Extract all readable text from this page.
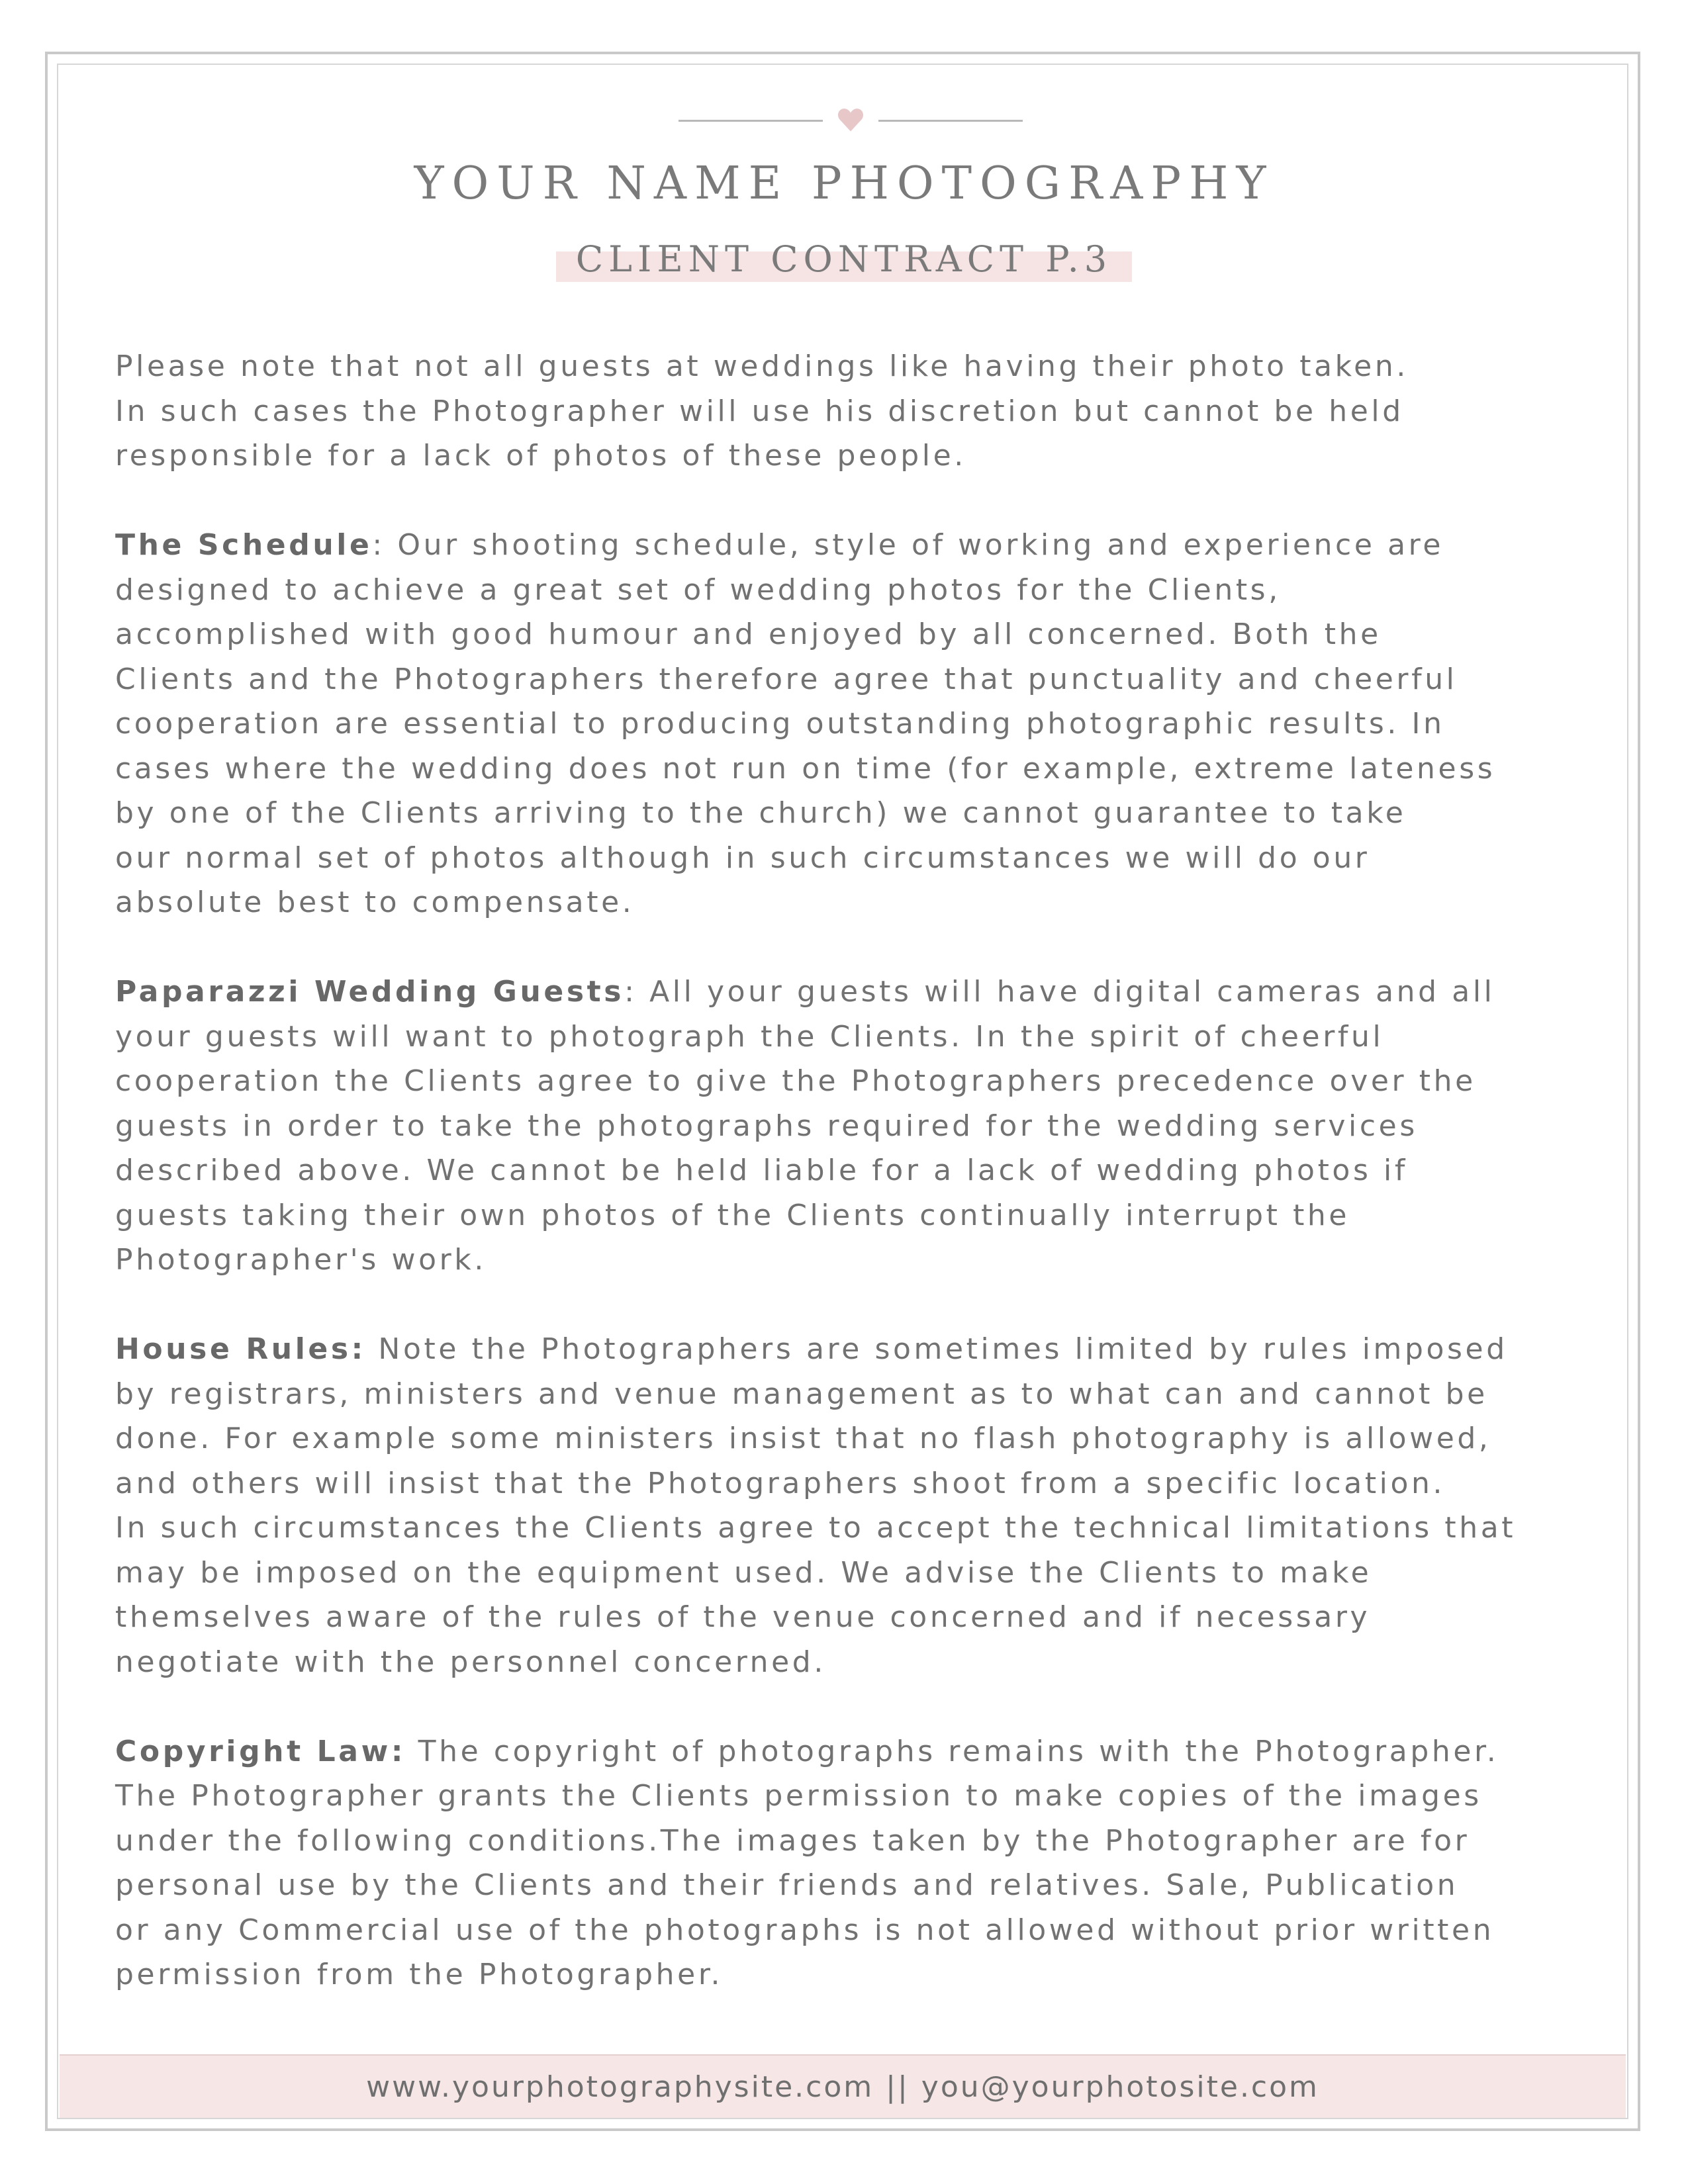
YOUR NAME PHOTOGRAPHY
CLIENT CONTRACT P.3

Please note that not all guests at weddings like having their photo taken.
In such cases the Photographer will use his discretion but cannot be held
responsible for a lack of photos of these people.

The Schedule: Our shooting schedule, style of working and experience are
designed to achieve a great set of wedding photos for the Clients,
accomplished with good humour and enjoyed by all concerned. Both the
Clients and the Photographers therefore agree that punctuality and cheerful
cooperation are essential to producing outstanding photographic results. In
cases where the wedding does not run on time (for example, extreme lateness
by one of the Clients arriving to the church) we cannot guarantee to take
our normal set of photos although in such circumstances we will do our
absolute best to compensate.

Paparazzi Wedding Guests: All your guests will have digital cameras and all
your guests will want to photograph the Clients. In the spirit of cheerful
cooperation the Clients agree to give the Photographers precedence over the
guests in order to take the photographs required for the wedding services
described above. We cannot be held liable for a lack of wedding photos if
guests taking their own photos of the Clients continually interrupt the
Photographer's work.

House Rules: Note the Photographers are sometimes limited by rules imposed
by registrars, ministers and venue management as to what can and cannot be
done. For example some ministers insist that no flash photography is allowed,
and others will insist that the Photographers shoot from a specific location.
In such circumstances the Clients agree to accept the technical limitations that
may be imposed on the equipment used. We advise the Clients to make
themselves aware of the rules of the venue concerned and if necessary
negotiate with the personnel concerned.

Copyright Law: The copyright of photographs remains with the Photographer.
The Photographer grants the Clients permission to make copies of the images
under the following conditions.The images taken by the Photographer are for
personal use by the Clients and their friends and relatives. Sale, Publication
or any Commercial use of the photographs is not allowed without prior written
permission from the Photographer.

www.yourphotographysite.com || you@yourphotosite.com
